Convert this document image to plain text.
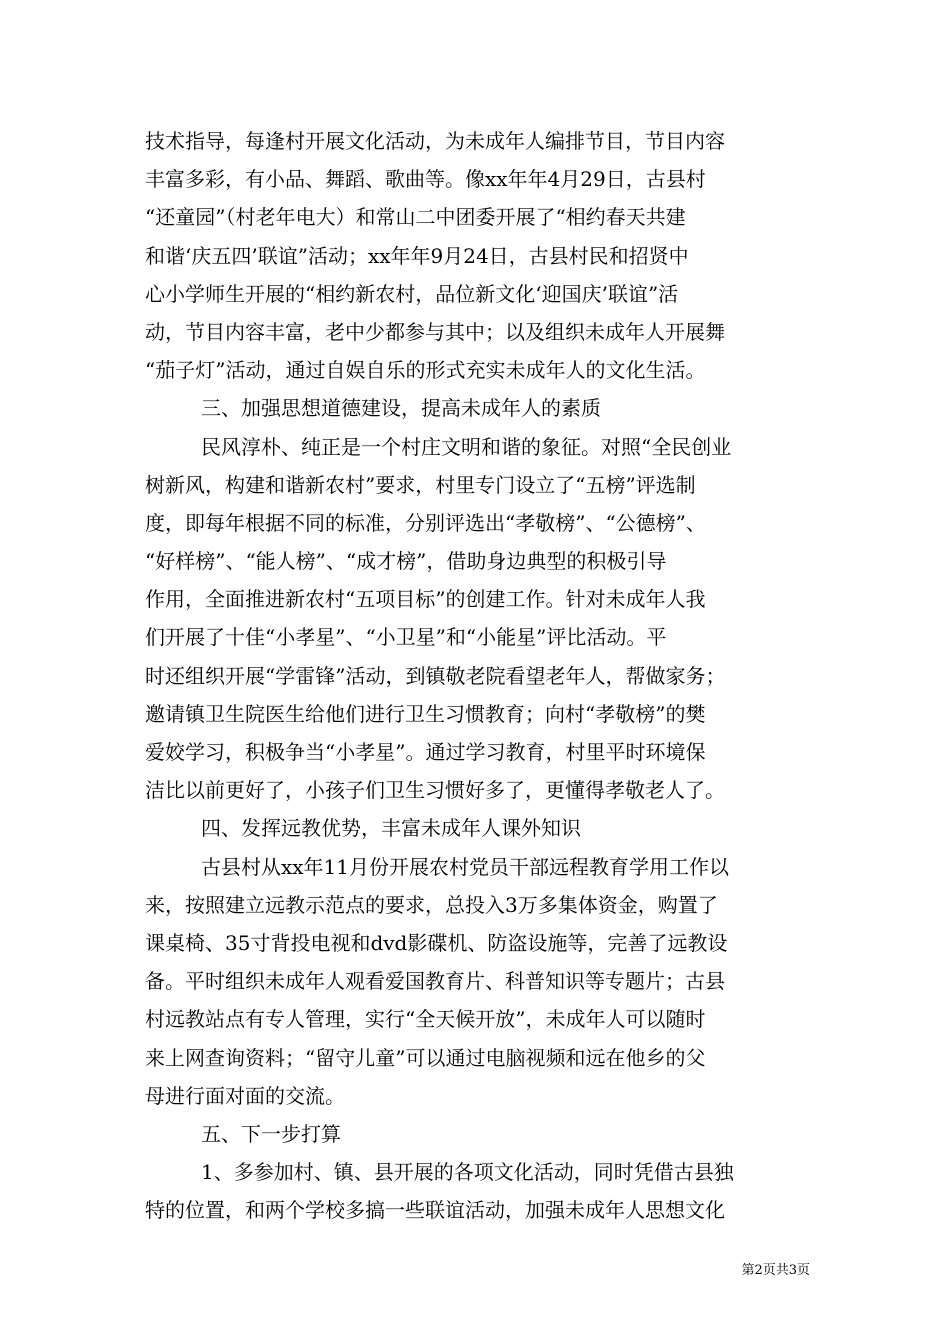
技术指导，每逢村开展文化活动，为未成年人编排节目，节目内容
丰富多彩，有小品、舞蹈、歌曲等。像xx年年4月29日，古县村
“还童园”（村老年电大）和常山二中团委开展了“相约春天共建
和谐‘庆五四’联谊”活动；xx年年9月24日，古县村民和招贤中
心小学师生开展的“相约新农村，品位新文化‘迎国庆’联谊”活
动，节目内容丰富，老中少都参与其中；以及组织未成年人开展舞
“茄子灯”活动，通过自娱自乐的形式充实未成年人的文化生活。
三、加强思想道德建设，提高未成年人的素质
民风淳朴、纯正是一个村庄文明和谐的象征。对照“全民创业
树新风，构建和谐新农村”要求，村里专门设立了“五榜”评选制
度，即每年根据不同的标准，分别评选出“孝敬榜”、“公德榜”、
“好样榜”、“能人榜”、“成才榜”，借助身边典型的积极引导
作用，全面推进新农村“五项目标”的创建工作。针对未成年人我
们开展了十佳“小孝星”、“小卫星”和“小能星”评比活动。平
时还组织开展“学雷锋”活动，到镇敬老院看望老年人，帮做家务；
邀请镇卫生院医生给他们进行卫生习惯教育；向村“孝敬榜”的樊
爱姣学习，积极争当“小孝星”。通过学习教育，村里平时环境保
洁比以前更好了，小孩子们卫生习惯好多了，更懂得孝敬老人了。
四、发挥远教优势，丰富未成年人课外知识
古县村从xx年11月份开展农村党员干部远程教育学用工作以
来，按照建立远教示范点的要求，总投入3万多集体资金，购置了
课桌椅、35寸背投电视和dvd影碟机、防盗设施等，完善了远教设
备。平时组织未成年人观看爱国教育片、科普知识等专题片；古县
村远教站点有专人管理，实行“全天候开放”，未成年人可以随时
来上网查询资料；“留守儿童”可以通过电脑视频和远在他乡的父
母进行面对面的交流。
五、下一步打算
1、多参加村、镇、县开展的各项文化活动，同时凭借古县独
特的位置，和两个学校多搞一些联谊活动，加强未成年人思想文化
第2页共3页
